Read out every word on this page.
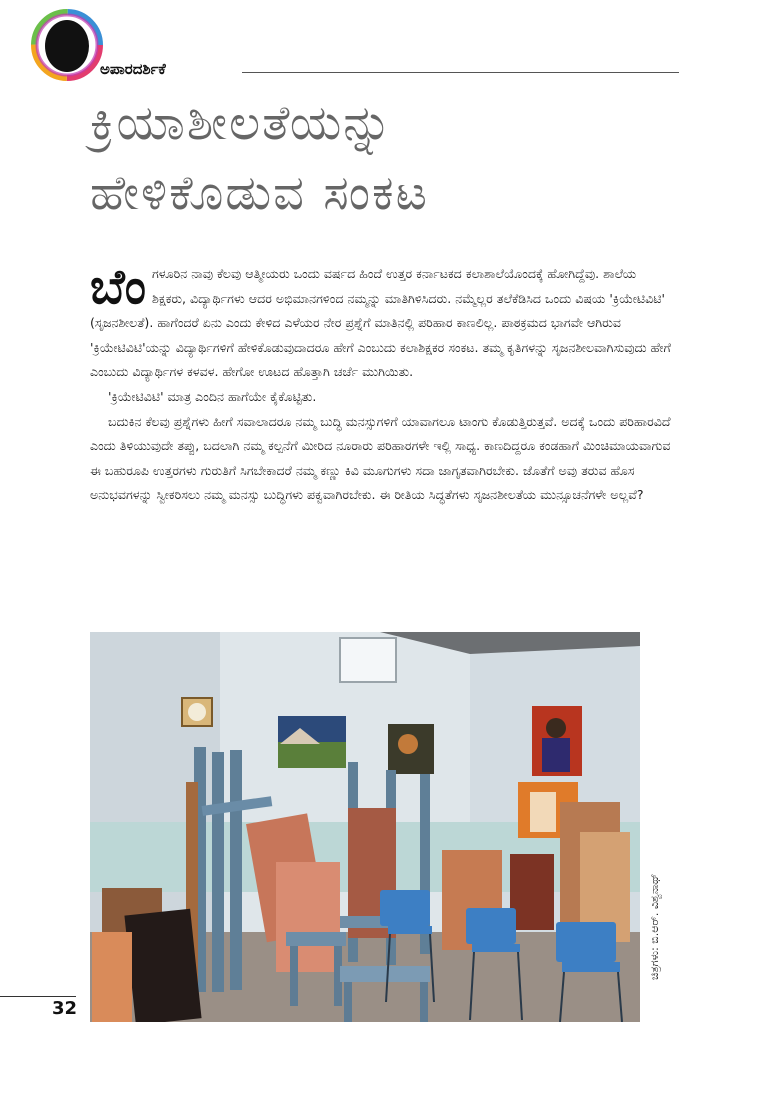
ಅಪಾರದರ್ಶಿಕೆ
ಕ್ರಿಯಾಶೀಲತೆಯನ್ನು
ಹೇಳಿಕೊಡುವ ಸಂಕಟ

ಬೆಂಗಳೂರಿನ ನಾವು ಕೆಲವು ಆತ್ಮೀಯರು ಒಂದು ವರ್ಷದ ಹಿಂದೆ ಉತ್ತರ ಕರ್ನಾಟಕದ ಕಲಾಶಾಲೆಯೊಂದಕ್ಕೆ ಹೋಗಿದ್ದೆವು. ಶಾಲೆಯ ಶಿಕ್ಷಕರು, ವಿದ್ಯಾರ್ಥಿಗಳು ಆದರ ಅಭಿಮಾನಗಳಿಂದ ನಮ್ಮನ್ನು ಮಾತಿಗಿಳಿಸಿದರು. ನಮ್ಮೆಲ್ಲರ ತಲೆಕೆಡಿಸಿದ ಒಂದು ವಿಷಯ 'ಕ್ರಿಯೇಟಿವಿಟಿ' (ಸೃಜನಶೀಲತೆ). ಹಾಗೆಂದರೆ ಏನು ಎಂದು ಕೇಳಿದ ಎಳೆಯರ ನೇರ ಪ್ರಶ್ನೆಗೆ ಮಾತಿನಲ್ಲಿ ಪರಿಹಾರ ಕಾಣಲಿಲ್ಲ. ಪಾಠಕ್ರಮದ ಭಾಗವೇ ಆಗಿರುವ 'ಕ್ರಿಯೇಟಿವಿಟಿ'ಯನ್ನು ವಿದ್ಯಾರ್ಥಿಗಳಿಗೆ ಹೇಳಿಕೊಡುವುದಾದರೂ ಹೇಗೆ ಎಂಬುದು ಕಲಾಶಿಕ್ಷಕರ ಸಂಕಟ. ತಮ್ಮ ಕೃತಿಗಳನ್ನು ಸೃಜನಶೀಲವಾಗಿಸುವುದು ಹೇಗೆ ಎಂಬುದು ವಿದ್ಯಾರ್ಥಿಗಳ ಕಳವಳ. ಹೇಗೋ ಊಟದ ಹೊತ್ತಾಗಿ ಚರ್ಚೆ ಮುಗಿಯಿತು.

'ಕ್ರಿಯೇಟಿವಿಟಿ' ಮಾತ್ರ ಎಂದಿನ ಹಾಗೆಯೇ ಕೈಕೊಟ್ಟಿತು.

ಬದುಕಿನ ಕೆಲವು ಪ್ರಶ್ನೆಗಳು ಹೀಗೆ ಸವಾಲಾದರೂ ನಮ್ಮ ಬುದ್ಧಿ ಮನಸ್ಸುಗಳಿಗೆ ಯಾವಾಗಲೂ ಟಾಂಗು ಕೊಡುತ್ತಿರುತ್ತವೆ. ಅದಕ್ಕೆ ಒಂದು ಪರಿಹಾರವಿದೆ ಎಂದು ತಿಳಿಯುವುದೇ ತಪ್ಪು, ಬದಲಾಗಿ ನಮ್ಮ ಕಲ್ಪನೆಗೆ ಮೀರಿದ ನೂರಾರು ಪರಿಹಾರಗಳೇ ಇಲ್ಲಿ ಸಾಧ್ಯ. ಕಾಣದಿದ್ದರೂ ಕಂಡಹಾಗೆ ಮಿಂಚಿಮಾಯವಾಗುವ ಈ ಬಹುರೂಪಿ ಉತ್ತರಗಳು ಗುರುತಿಗೆ ಸಿಗಬೇಕಾದರೆ ನಮ್ಮ ಕಣ್ಣು ಕಿವಿ ಮೂಗುಗಳು ಸದಾ ಜಾಗೃತವಾಗಿರಬೇಕು. ಜೊತೆಗೆ ಅವು ತರುವ ಹೊಸ ಅನುಭವಗಳನ್ನು ಸ್ವೀಕರಿಸಲು ನಮ್ಮ ಮನಸ್ಸು ಬುದ್ಧಿಗಳು ಪಕ್ವವಾಗಿರಬೇಕು. ಈ ರೀತಿಯ ಸಿದ್ಧತೆಗಳು ಸೃಜನಶೀಲತೆಯ ಮುನ್ಸೂಚನೆಗಳೇ ಅಲ್ಲವೆ?

ಚಿತ್ರಗಳು: ಬಿ.ಆರ್. ವಿಶ್ವನಾಥ್
32
